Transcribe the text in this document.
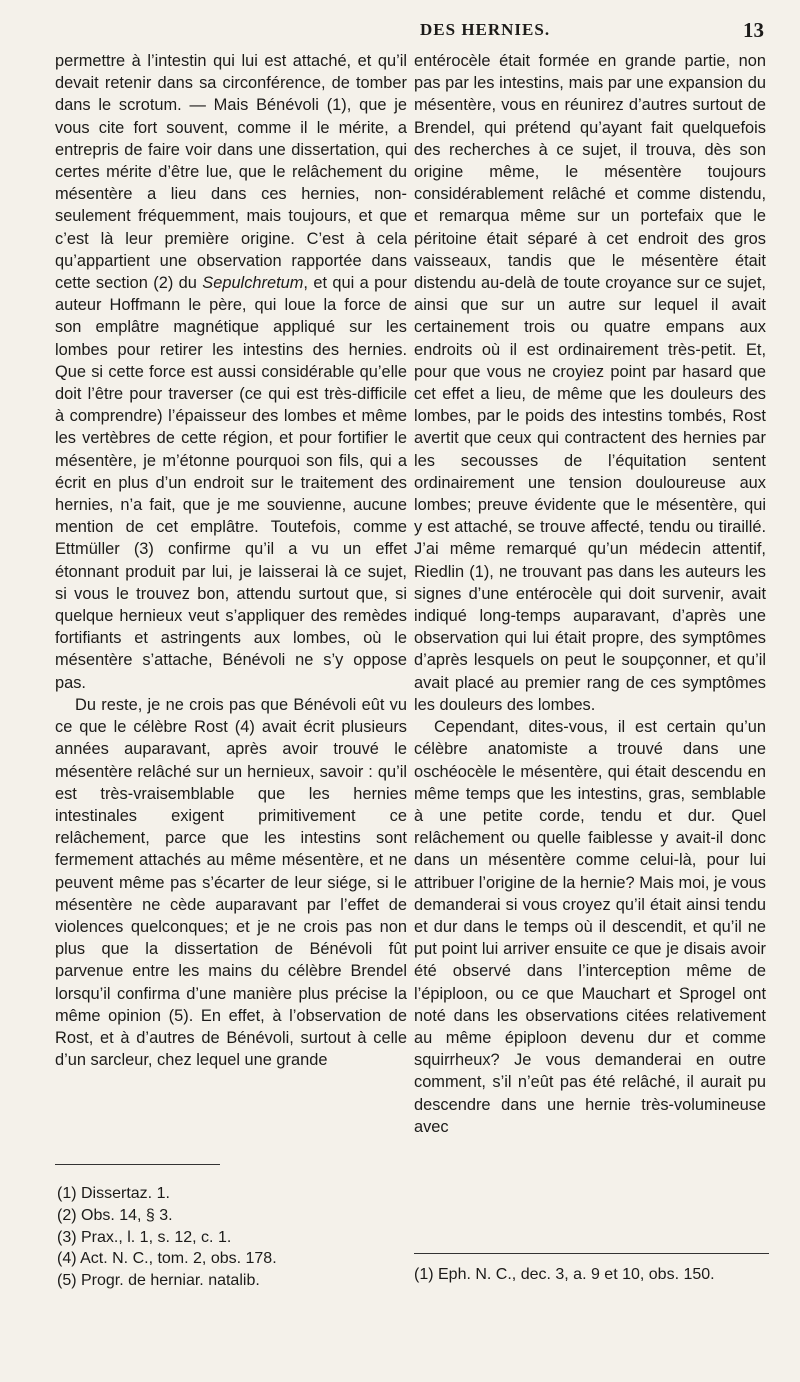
DES HERNIES.	13

permettre à l’intestin qui lui est attaché, et qu’il devait retenir dans sa circonférence, de tomber dans le scrotum. — Mais Bénévoli (1), que je vous cite fort souvent, comme il le mérite, a entrepris de faire voir dans une dissertation, qui certes mérite d’être lue, que le relâchement du mésentère a lieu dans ces hernies, non-seulement fréquemment, mais toujours, et que c’est là leur première origine. C’est à cela qu’appartient une observation rapportée dans cette section (2) du Sepulchretum, et qui a pour auteur Hoffmann le père, qui loue la force de son emplâtre magnétique appliqué sur les lombes pour retirer les intestins des hernies. Que si cette force est aussi considérable qu’elle doit l’être pour traverser (ce qui est très-difficile à comprendre) l’épaisseur des lombes et même les vertèbres de cette région, et pour fortifier le mésentère, je m’étonne pourquoi son fils, qui a écrit en plus d’un endroit sur le traitement des hernies, n’a fait, que je me souvienne, aucune mention de cet emplâtre. Toutefois, comme Ettmüller (3) confirme qu’il a vu un effet étonnant produit par lui, je laisserai là ce sujet, si vous le trouvez bon, attendu surtout que, si quelque hernieux veut s’appliquer des remèdes fortifiants et astringents aux lombes, où le mésentère s’attache, Bénévoli ne s’y oppose pas.

Du reste, je ne crois pas que Bénévoli eût vu ce que le célèbre Rost (4) avait écrit plusieurs années auparavant, après avoir trouvé le mésentère relâché sur un hernieux, savoir : qu’il est très-vraisemblable que les hernies intestinales exigent primitivement ce relâchement, parce que les intestins sont fermement attachés au même mésentère, et ne peuvent même pas s’écarter de leur siége, si le mésentère ne cède auparavant par l’effet de violences quelconques; et je ne crois pas non plus que la dissertation de Bénévoli fût parvenue entre les mains du célèbre Brendel lorsqu’il confirma d’une manière plus précise la même opinion (5). En effet, à l’observation de Rost, et à d’autres de Bénévoli, surtout à celle d’un sarcleur, chez lequel une grande

entérocèle était formée en grande partie, non pas par les intestins, mais par une expansion du mésentère, vous en réunirez d’autres surtout de Brendel, qui prétend qu’ayant fait quelquefois des recherches à ce sujet, il trouva, dès son origine même, le mésentère toujours considérablement relâché et comme distendu, et remarqua même sur un portefaix que le péritoine était séparé à cet endroit des gros vaisseaux, tandis que le mésentère était distendu au-delà de toute croyance sur ce sujet, ainsi que sur un autre sur lequel il avait certainement trois ou quatre empans aux endroits où il est ordinairement très-petit. Et, pour que vous ne croyiez point par hasard que cet effet a lieu, de même que les douleurs des lombes, par le poids des intestins tombés, Rost avertit que ceux qui contractent des hernies par les secousses de l’équitation sentent ordinairement une tension douloureuse aux lombes; preuve évidente que le mésentère, qui y est attaché, se trouve affecté, tendu ou tiraillé. J’ai même remarqué qu’un médecin attentif, Riedlin (1), ne trouvant pas dans les auteurs les signes d’une entérocèle qui doit survenir, avait indiqué long-temps auparavant, d’après une observation qui lui était propre, des symptômes d’après lesquels on peut le soupçonner, et qu’il avait placé au premier rang de ces symptômes les douleurs des lombes.

Cependant, dites-vous, il est certain qu’un célèbre anatomiste a trouvé dans une oschéocèle le mésentère, qui était descendu en même temps que les intestins, gras, semblable à une petite corde, tendu et dur. Quel relâchement ou quelle faiblesse y avait-il donc dans un mésentère comme celui-là, pour lui attribuer l’origine de la hernie? Mais moi, je vous demanderai si vous croyez qu’il était ainsi tendu et dur dans le temps où il descendit, et qu’il ne put point lui arriver ensuite ce que je disais avoir été observé dans l’interception même de l’épiploon, ou ce que Mauchart et Sprogel ont noté dans les observations citées relativement au même épiploon devenu dur et comme squirrheux? Je vous demanderai en outre comment, s’il n’eût pas été relâché, il aurait pu descendre dans une hernie très-volumineuse avec

(1) Dissertaz. 1.
(2) Obs. 14, § 3.
(3) Prax., l. 1, s. 12, c. 1.
(4) Act. N. C., tom. 2, obs. 178.
(5) Progr. de herniar. natalib.	(1) Eph. N. C., dec. 3, a. 9 et 10, obs. 150.
